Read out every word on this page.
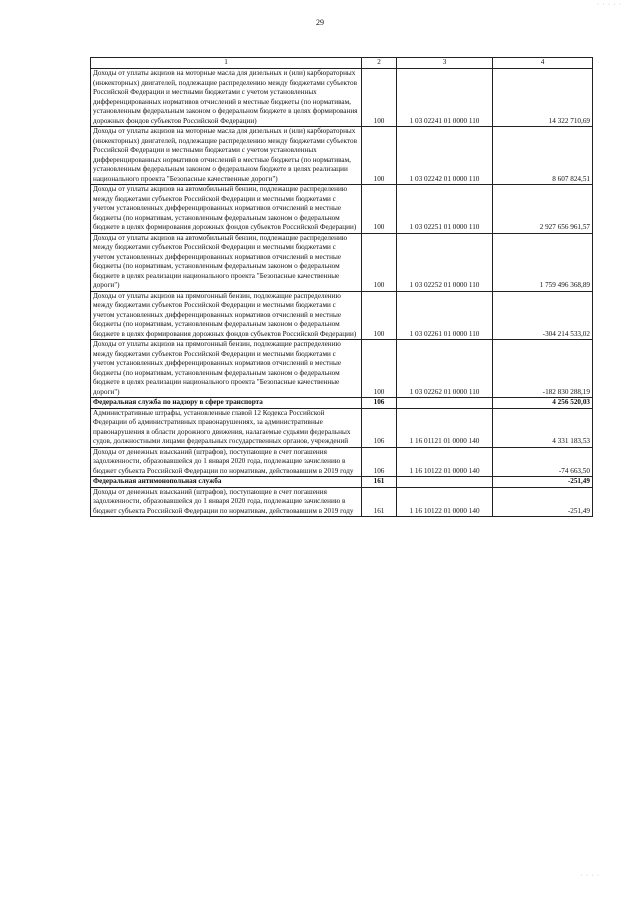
· · · · ·
29
1	2	3	4
Доходы от уплаты акцизов на моторные масла для дизельных и (или) карбюраторных (инжекторных) двигателей, подлежащие распределению между бюджетами субъектов Российской Федерации и местными бюджетами с учетом установленных дифференцированных нормативов отчислений в местные бюджеты (по нормативам, установленным федеральным законом о федеральном бюджете в целях формирования дорожных фондов субъектов Российской Федерации)	100	1 03 02241 01 0000 110	14 322 710,69
Доходы от уплаты акцизов на моторные масла для дизельных и (или) карбюраторных (инжекторных) двигателей, подлежащие распределению между бюджетами субъектов Российской Федерации и местными бюджетами с учетом установленных дифференцированных нормативов отчислений в местные бюджеты (по нормативам, установленным федеральным законом о федеральном бюджете в целях реализации национального проекта "Безопасные качественные дороги")	100	1 03 02242 01 0000 110	8 607 824,51
Доходы от уплаты акцизов на автомобильный бензин, подлежащие распределению между бюджетами субъектов Российской Федерации и местными бюджетами с учетом установленных дифференцированных нормативов отчислений в местные бюджеты (по нормативам, установленным федеральным законом о федеральном бюджете в целях формирования дорожных фондов субъектов Российской Федерации)	100	1 03 02251 01 0000 110	2 927 656 961,57
Доходы от уплаты акцизов на автомобильный бензин, подлежащие распределению между бюджетами субъектов Российской Федерации и местными бюджетами с учетом установленных дифференцированных нормативов отчислений в местные бюджеты (по нормативам, установленным федеральным законом о федеральном бюджете в целях реализации национального проекта "Безопасные качественные дороги")	100	1 03 02252 01 0000 110	1 759 496 368,89
Доходы от уплаты акцизов на прямогонный бензин, подлежащие распределению между бюджетами субъектов Российской Федерации и местными бюджетами с учетом установленных дифференцированных нормативов отчислений в местные бюджеты (по нормативам, установленным федеральным законом о федеральном бюджете в целях формирования дорожных фондов субъектов Российской Федерации)	100	1 03 02261 01 0000 110	-304 214 533,02
Доходы от уплаты акцизов на прямогонный бензин, подлежащие распределению между бюджетами субъектов Российской Федерации и местными бюджетами с учетом установленных дифференцированных нормативов отчислений в местные бюджеты (по нормативам, установленным федеральным законом о федеральном бюджете в целях реализации национального проекта "Безопасные качественные дороги")	100	1 03 02262 01 0000 110	-182 830 288,19
Федеральная служба по надзору в сфере транспорта	106		4 256 520,03
Административные штрафы, установленные главой 12 Кодекса Российской Федерации об административных правонарушениях, за административные правонарушения в области дорожного движения, налагаемые судьями федеральных судов, должностными лицами федеральных государственных органов, учреждений	106	1 16 01121 01 0000 140	4 331 183,53
Доходы от денежных взысканий (штрафов), поступающие в счет погашения задолженности, образовавшейся до 1 января 2020 года, подлежащие зачислению в бюджет субъекта Российской Федерации по нормативам, действовавшим в 2019 году	106	1 16 10122 01 0000 140	-74 663,50
Федеральная антимонопольная служба	161		-251,49
Доходы от денежных взысканий (штрафов), поступающие в счет погашения задолженности, образовавшейся до 1 января 2020 года, подлежащие зачислению в бюджет субъекта Российской Федерации по нормативам, действовавшим в 2019 году	161	1 16 10122 01 0000 140	-251,49
· · · ·
